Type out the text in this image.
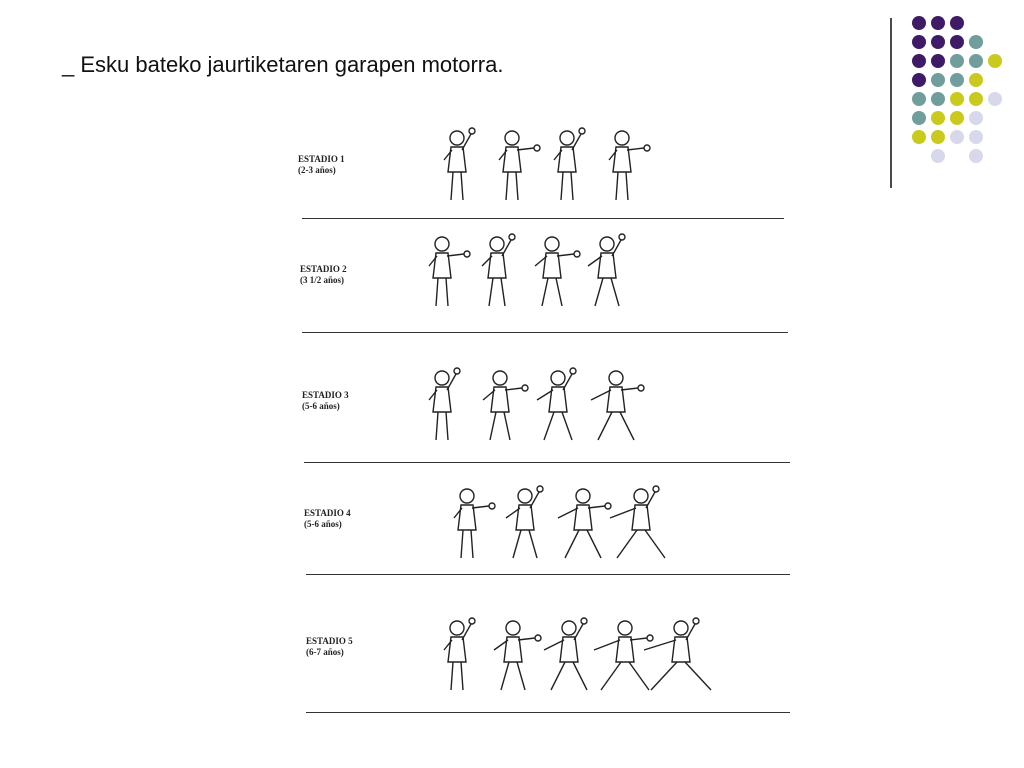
_ Esku bateko jaurtiketaren garapen motorra.
ESTADIO 1
(2-3 años)
ESTADIO 2
(3 1/2 años)
ESTADIO 3
(5-6 años)
ESTADIO 4
(5-6 años)
ESTADIO 5
(6-7 años)
